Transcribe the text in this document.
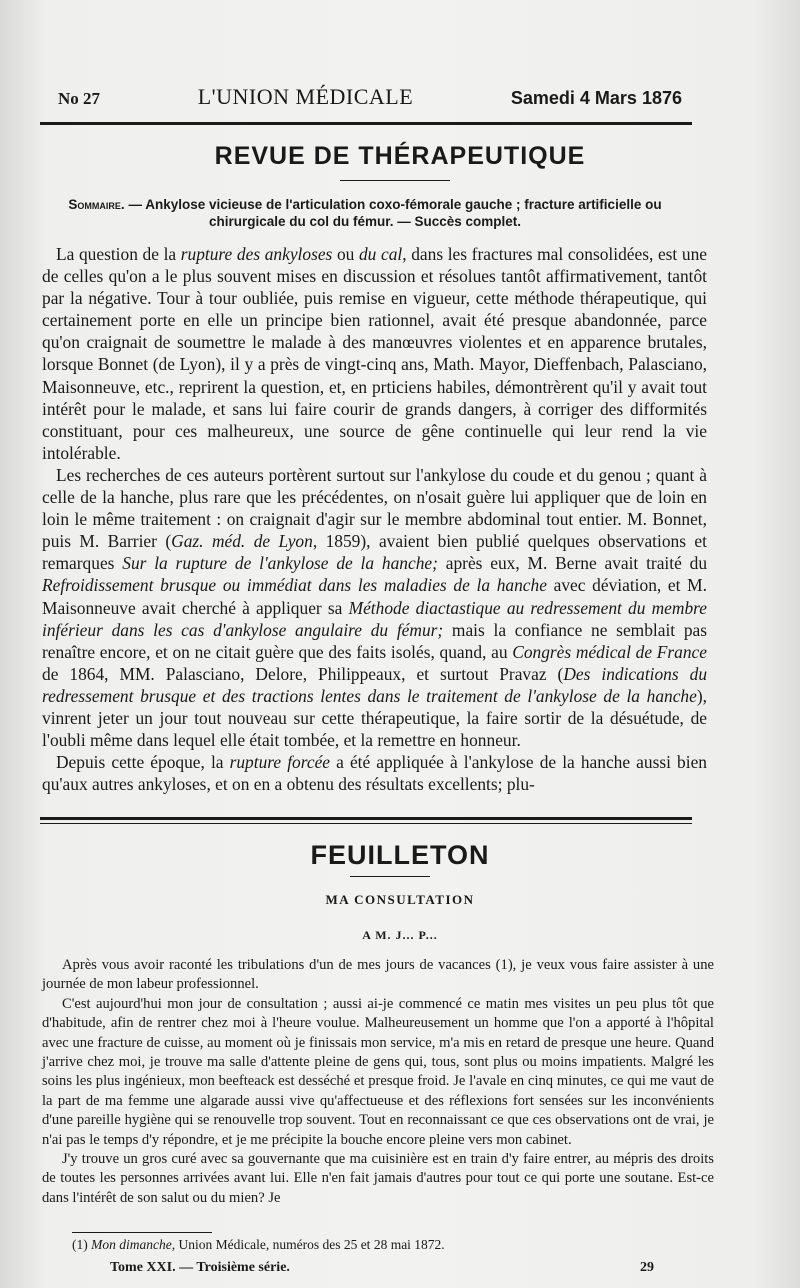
No 27	L'UNION MÉDICALE	Samedi 4 Mars 1876
REVUE DE THÉRAPEUTIQUE
Sommaire. — Ankylose vicieuse de l'articulation coxo-fémorale gauche ; fracture artificielle ou chirurgicale du col du fémur. — Succès complet.

La question de la rupture des ankyloses ou du cal, dans les fractures mal consolidées, est une de celles qu'on a le plus souvent mises en discussion et résolues tantôt affirmativement, tantôt par la négative. Tour à tour oubliée, puis remise en vigueur, cette méthode thérapeutique, qui certainement porte en elle un principe bien rationnel, avait été presque abandonnée, parce qu'on craignait de soumettre le malade à des manœuvres violentes et en apparence brutales, lorsque Bonnet (de Lyon), il y a près de vingt-cinq ans, Math. Mayor, Dieffenbach, Palasciano, Maisonneuve, etc., reprirent la question, et, en prticiens habiles, démontrèrent qu'il y avait tout intérêt pour le malade, et sans lui faire courir de grands dangers, à corriger des difformités constituant, pour ces malheureux, une source de gêne continuelle qui leur rend la vie intolérable.

Les recherches de ces auteurs portèrent surtout sur l'ankylose du coude et du genou ; quant à celle de la hanche, plus rare que les précédentes, on n'osait guère lui appliquer que de loin en loin le même traitement : on craignait d'agir sur le membre abdominal tout entier. M. Bonnet, puis M. Barrier (Gaz. méd. de Lyon, 1859), avaient bien publié quelques observations et remarques Sur la rupture de l'ankylose de la hanche; après eux, M. Berne avait traité du Refroidissement brusque ou immédiat dans les maladies de la hanche avec déviation, et M. Maisonneuve avait cherché à appliquer sa Méthode diactastique au redressement du membre inférieur dans les cas d'ankylose angulaire du fémur; mais la confiance ne semblait pas renaître encore, et on ne citait guère que des faits isolés, quand, au Congrès médical de France de 1864, MM. Palasciano, Delore, Philippeaux, et surtout Pravaz (Des indications du redressement brusque et des tractions lentes dans le traitement de l'ankylose de la hanche), vinrent jeter un jour tout nouveau sur cette thérapeutique, la faire sortir de la désuétude, de l'oubli même dans lequel elle était tombée, et la remettre en honneur.

Depuis cette époque, la rupture forcée a été appliquée à l'ankylose de la hanche aussi bien qu'aux autres ankyloses, et on en a obtenu des résultats excellents; plu-

FEUILLETON
MA CONSULTATION
A M. J... P...

Après vous avoir raconté les tribulations d'un de mes jours de vacances (1), je veux vous faire assister à une journée de mon labeur professionnel.

C'est aujourd'hui mon jour de consultation ; aussi ai-je commencé ce matin mes visites un peu plus tôt que d'habitude, afin de rentrer chez moi à l'heure voulue. Malheureusement un homme que l'on a apporté à l'hôpital avec une fracture de cuisse, au moment où je finissais mon service, m'a mis en retard de presque une heure. Quand j'arrive chez moi, je trouve ma salle d'attente pleine de gens qui, tous, sont plus ou moins impatients. Malgré les soins les plus ingénieux, mon beefteack est desséché et presque froid. Je l'avale en cinq minutes, ce qui me vaut de la part de ma femme une algarade aussi vive qu'affectueuse et des réflexions fort sensées sur les inconvénients d'une pareille hygiène qui se renouvelle trop souvent. Tout en reconnaissant ce que ces observations ont de vrai, je n'ai pas le temps d'y répondre, et je me précipite la bouche encore pleine vers mon cabinet.

J'y trouve un gros curé avec sa gouvernante que ma cuisinière est en train d'y faire entrer, au mépris des droits de toutes les personnes arrivées avant lui. Elle n'en fait jamais d'autres pour tout ce qui porte une soutane. Est-ce dans l'intérêt de son salut ou du mien? Je

(1) Mon dimanche, Union Médicale, numéros des 25 et 28 mai 1872.
Tome XXI. — Troisième série.	29
